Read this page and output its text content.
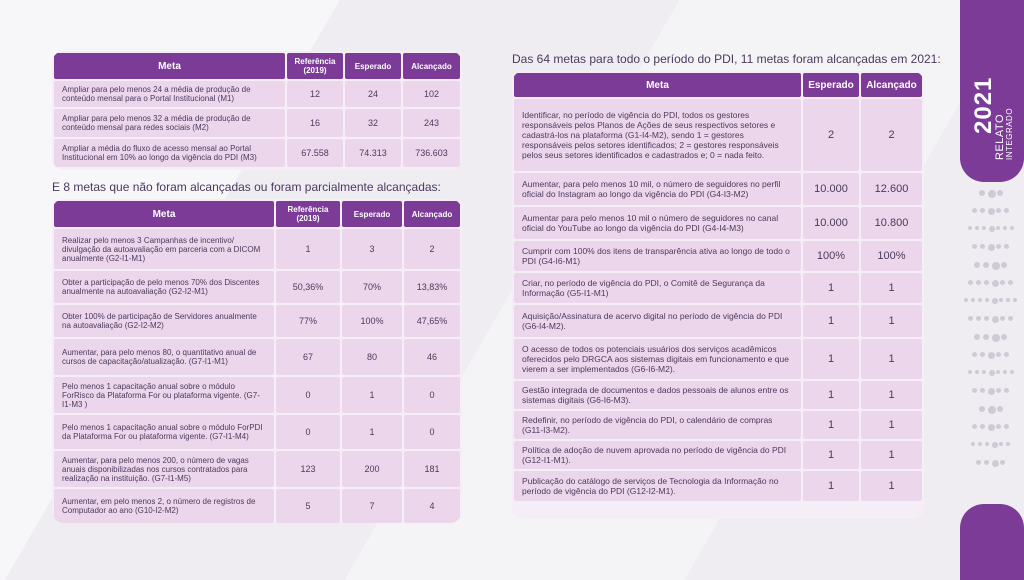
Meta	Referência (2019)	Esperado	Alcançado
Ampliar para pelo menos 24 a média de produção de conteúdo mensal para o Portal Institucional (M1)	12	24	102
Ampliar para pelo menos 32 a média de produção de conteúdo mensal para redes sociais (M2)	16	32	243
Ampliar a média do fluxo de acesso mensal ao Portal Institucional em 10% ao longo da vigência do PDI (M3)	67.558	74.313	736.603
E 8 metas que não foram alcançadas ou foram parcialmente alcançadas:
Meta	Referência (2019)	Esperado	Alcançado
Realizar pelo menos 3 Campanhas de incentivo/ divulgação da autoavaliação em parceria com a DICOM anualmente (G2-I1-M1)	1	3	2
Obter a participação de pelo menos 70% dos Discentes anualmente na autoavaliação (G2-I2-M1)	50,36%	70%	13,83%
Obter 100% de participação de Servidores anualmente na autoavaliação (G2-I2-M2)	77%	100%	47,65%
Aumentar, para pelo menos 80, o quantitativo anual de cursos de capacitação/atualização. (G7-I1-M1)	67	80	46
Pelo menos 1 capacitação anual sobre o módulo ForRisco da Plataforma For ou plataforma vigente. (G7-I1-M3 )	0	1	0
Pelo menos 1 capacitação anual sobre o módulo ForPDI da Plataforma For ou plataforma vigente. (G7-I1-M4)	0	1	0
Aumentar, para pelo menos 200, o número de vagas anuais disponibilizadas nos cursos contratados para realização na instituição. (G7-I1-M5)	123	200	181
Aumentar, em pelo menos 2, o número de registros de Computador ao ano (G10-I2-M2)	5	7	4
Das 64 metas para todo o período do PDI, 11 metas foram alcançadas em 2021:
Meta	Esperado	Alcançado
Identificar, no período de vigência do PDI, todos os gestores responsáveis pelos Planos de Ações de seus respectivos setores e cadastrá-los na plataforma (G1-I4-M2), sendo 1 = gestores responsáveis pelos setores identificados; 2 = gestores responsáveis pelos seus setores identificados e cadastrados e; 0 = nada feito.	2	2
Aumentar, para pelo menos 10 mil, o número de seguidores no perfil oficial do Instagram ao longo da vigência do PDI (G4-I3-M2)	10.000	12.600
Aumentar para pelo menos 10 mil o número de seguidores no canal oficial do YouTube ao longo da vigência do PDI (G4-I4-M3)	10.000	10.800
Cumprir com 100% dos itens de transparência ativa ao longo de todo o PDI (G4-I6-M1)	100%	100%
Criar, no período de vigência do PDI, o Comitê de Segurança da Informação (G5-I1-M1)	1	1
Aquisição/Assinatura de acervo digital no período de vigência do PDI (G6-I4-M2).	1	1
O acesso de todos os potenciais usuários dos serviços acadêmicos oferecidos pelo DRGCA aos sistemas digitais em funcionamento e que vierem a ser implementados (G6-I6-M2).	1	1
Gestão integrada de documentos e dados pessoais de alunos entre os sistemas digitais (G6-I6-M3).	1	1
Redefinir, no período de vigência do PDI, o calendário de compras (G11-I3-M2).	1	1
Política de adoção de nuvem aprovada no período de vigência do PDI (G12-I1-M1).	1	1
Publicação do catálogo de serviços de Tecnologia da Informação no período de vigência do PDI (G12-I2-M1).	1	1
2021
RELATO INTEGRADO
